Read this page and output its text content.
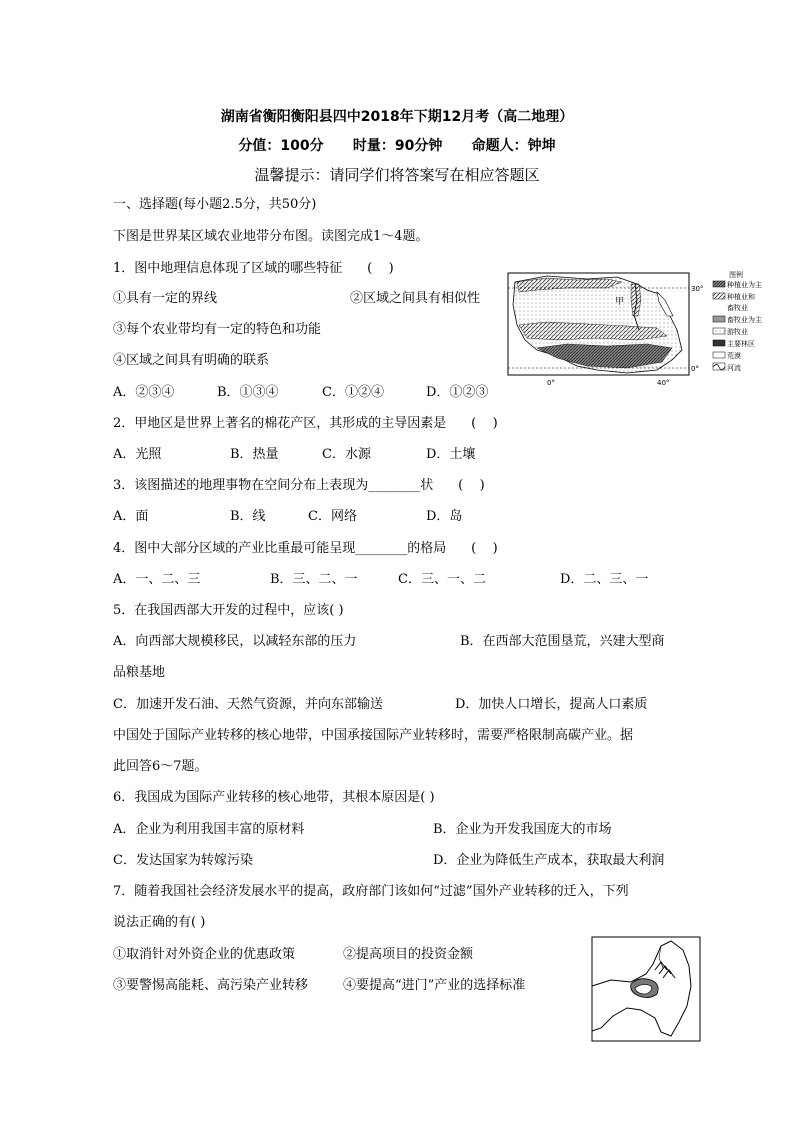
湖南省衡阳衡阳县四中2018年下期12月考（高二地理）
分值：100分      时量：90分钟      命题人：钟坤
温馨提示：请同学们将答案写在相应答题区
一、选择题(每小题2.5分，共50分)
下图是世界某区域农业地带分布图。读图完成1～4题。
1．图中地理信息体现了区域的哪些特征      (    )
①具有一定的界线	②区域之间具有相似性
③每个农业带均有一定的特色和功能
④区域之间具有明确的联系
A．②③④	B．①③④	C．①②④	D．①②③
2．甲地区是世界上著名的棉花产区，其形成的主导因素是      (    )
A．光照	B．热量	C．水源	D．土壤
3．该图描述的地理事物在空间分布上表现为________状      (    )
A．面	B．线	C．网络	D．岛
4．图中大部分区域的产业比重最可能呈现________的格局      (    )
A．一、二、三	B．三、二、一	C．三、一、二	D．二、三、一
5．在我国西部大开发的过程中，应该( )
A．向西部大规模移民，以减轻东部的压力	B．在西部大范围垦荒，兴建大型商
品粮基地
C．加速开发石油、天然气资源，并向东部输送	D．加快人口增长，提高人口素质
中国处于国际产业转移的核心地带，中国承接国际产业转移时，需要严格限制高碳产业。据
此回答6～7题。
6．我国成为国际产业转移的核心地带，其根本原因是( )
A．企业为利用我国丰富的原材料	B．企业为开发我国庞大的市场
C．发达国家为转嫁污染	D．企业为降低生产成本，获取最大利润
7．随着我国社会经济发展水平的提高，政府部门该如何“过滤”国外产业转移的迁入，下列
说法正确的有( )
①取消针对外资企业的优惠政策	②提高项目的投资金额
③要警惕高能耗、高污染产业转移	④要提高“进门”产业的选择标准
甲
30°
0°
0°	40°
图例
种植业为主
种植业和
畜牧业
畜牧业为主
游牧业
主要林区
荒漠
河流
